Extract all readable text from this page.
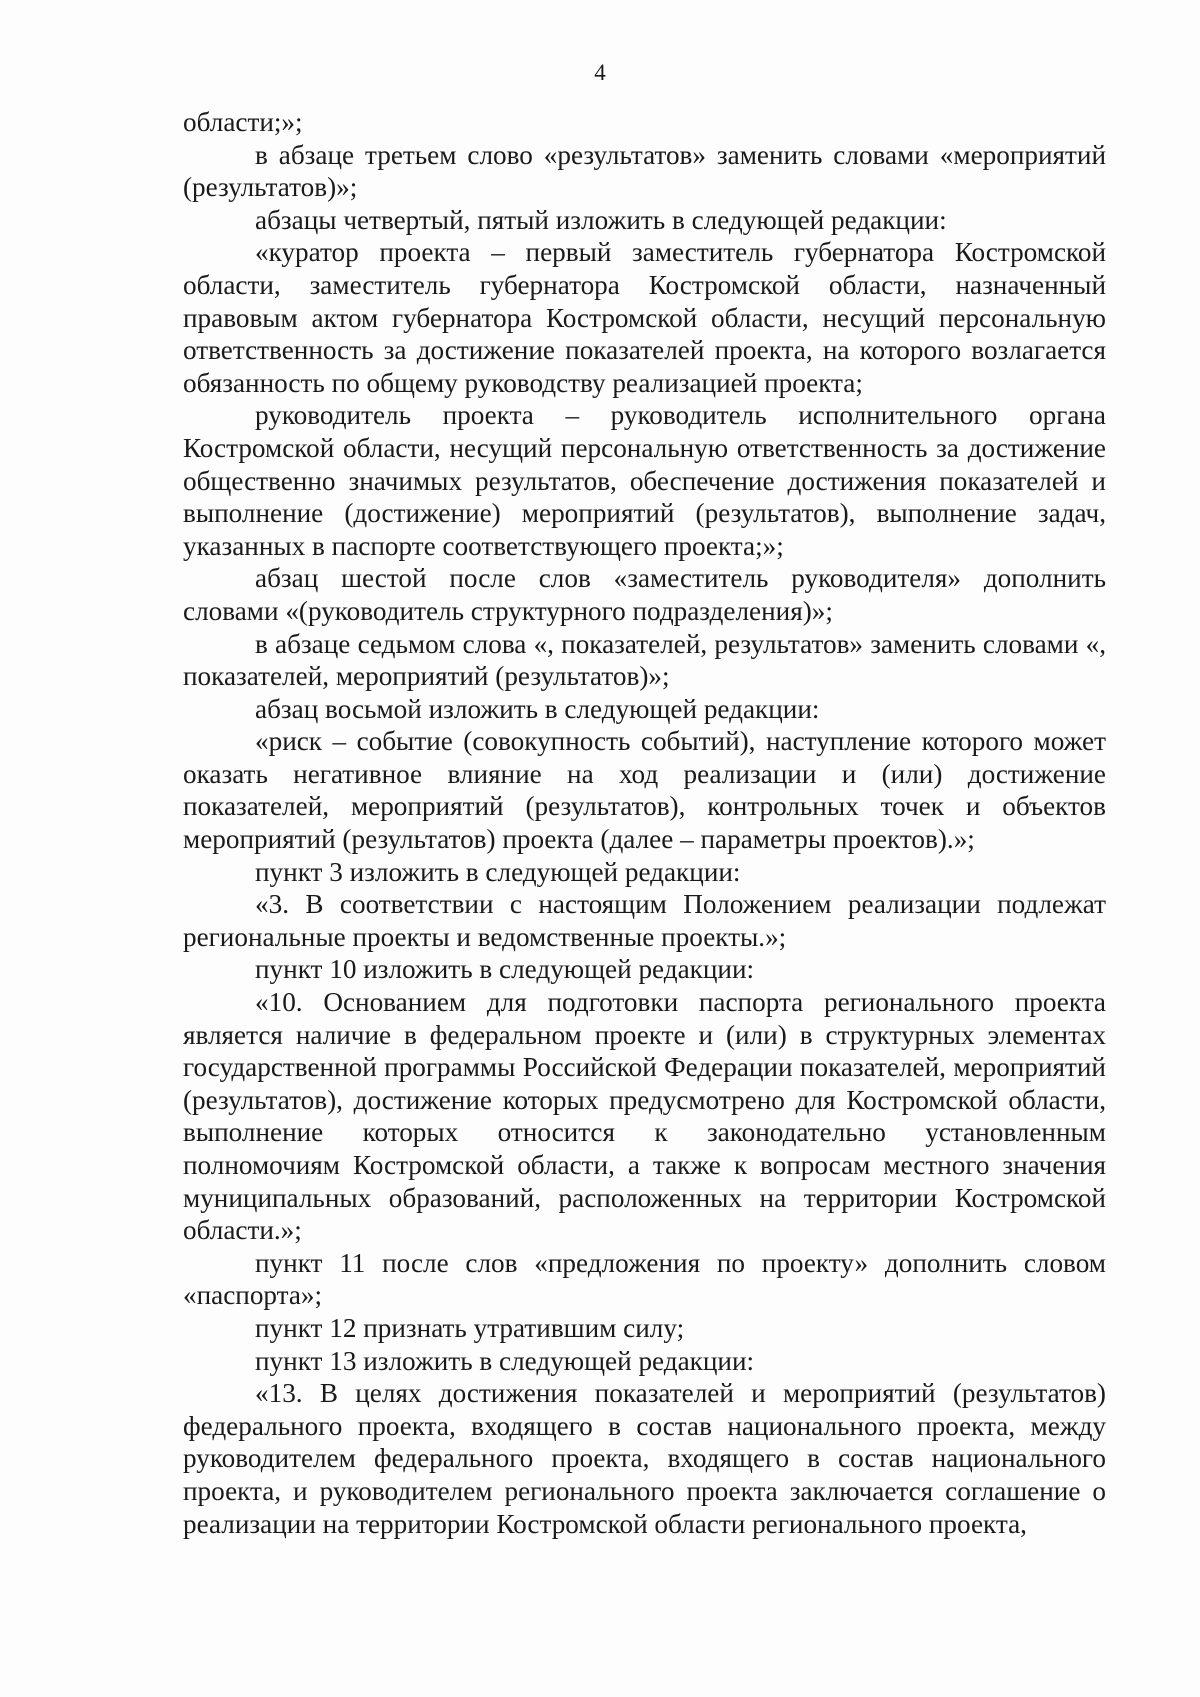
4

области;»;

в абзаце третьем слово «результатов» заменить словами «мероприятий (результатов)»;

абзацы четвертый, пятый изложить в следующей редакции:

«куратор проекта – первый заместитель губернатора Костромской области, заместитель губернатора Костромской области, назначенный правовым актом губернатора Костромской области, несущий персональную ответственность за достижение показателей проекта, на которого возлагается обязанность по общему руководству реализацией проекта;

руководитель проекта – руководитель исполнительного органа Костромской области, несущий персональную ответственность за достижение общественно значимых результатов, обеспечение достижения показателей и выполнение (достижение) мероприятий (результатов), выполнение задач, указанных в паспорте соответствующего проекта;»;

абзац шестой после слов «заместитель руководителя» дополнить словами «(руководитель структурного подразделения)»;

в абзаце седьмом слова «, показателей, результатов» заменить словами «, показателей, мероприятий (результатов)»;

абзац восьмой изложить в следующей редакции:

«риск – событие (совокупность событий), наступление которого может оказать негативное влияние на ход реализации и (или) достижение показателей, мероприятий (результатов), контрольных точек и объектов мероприятий (результатов) проекта (далее – параметры проектов).»;

пункт 3 изложить в следующей редакции:

«3. В соответствии с настоящим Положением реализации подлежат региональные проекты и ведомственные проекты.»;

пункт 10 изложить в следующей редакции:

«10. Основанием для подготовки паспорта регионального проекта является наличие в федеральном проекте и (или) в структурных элементах государственной программы Российской Федерации показателей, мероприятий (результатов), достижение которых предусмотрено для Костромской области, выполнение которых относится к законодательно установленным полномочиям Костромской области, а также к вопросам местного значения муниципальных образований, расположенных на территории Костромской области.»;

пункт 11 после слов «предложения по проекту» дополнить словом «паспорта»;

пункт 12 признать утратившим силу;

пункт 13 изложить в следующей редакции:

«13. В целях достижения показателей и мероприятий (результатов) федерального проекта, входящего в состав национального проекта, между руководителем федерального проекта, входящего в состав национального проекта, и руководителем регионального проекта заключается соглашение о реализации на территории Костромской области регионального проекта,
